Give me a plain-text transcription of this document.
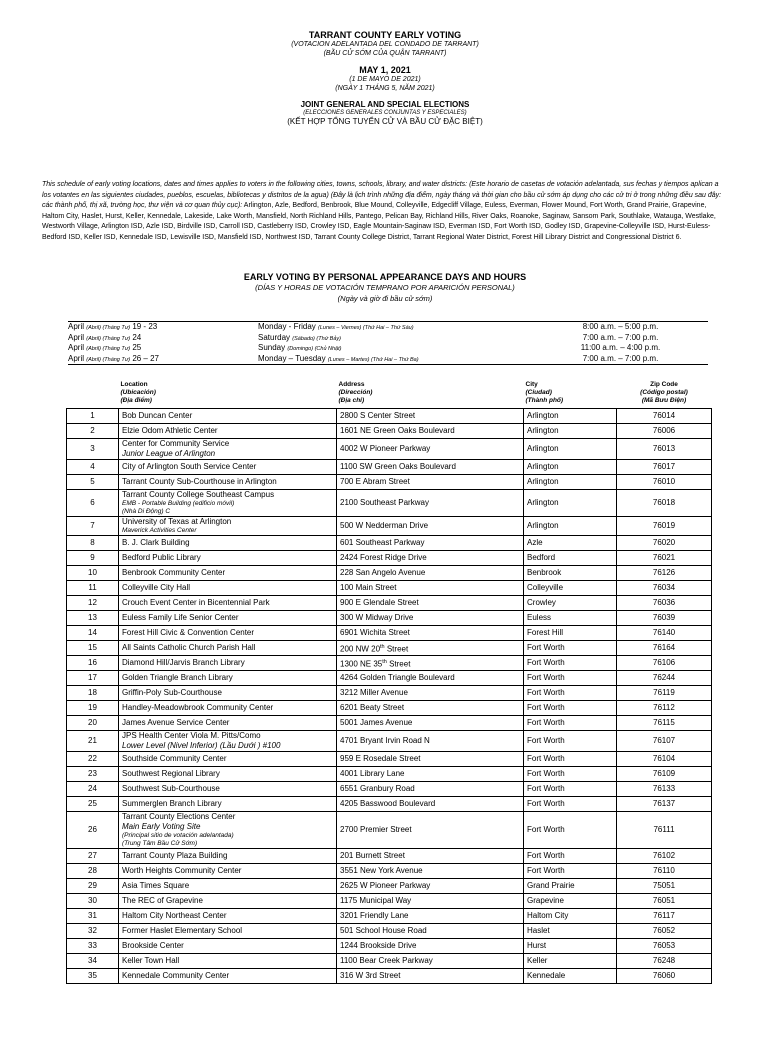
TARRANT COUNTY EARLY VOTING
(VOTACION ADELANTADA DEL CONDADO DE TARRANT)
(BẦU CỬ SỚM CỦA QUẬN TARRANT)
MAY 1, 2021
(1 DE MAYO DE 2021)
(NGÀY 1 THÁNG 5, NĂM 2021)
JOINT GENERAL AND SPECIAL ELECTIONS
(ELECCIONES GENERALES CONJUNTAS Y ESPECIALES)
(KẾT HỢP TỔNG TUYỂN CỬ VÀ BẦU CỬ ĐẶC BIỆT)
This schedule of early voting locations, dates and times applies to voters in the following cities, towns, schools, library, and water districts: (Este horario de casetas de votación adelantada, sus fechas y tiempos aplican a los votantes en las siguientes ciudades, pueblos, escuelas, bibliotecas y distritos de la agua) (Đây là lịch trình những địa điểm, ngày tháng và thời gian cho bầu cử sớm áp dụng cho các cử tri ở trong những điều sau đây: các thành phố, thị xã, trường học, thư viện và cơ quan thủy cục): Arlington, Azle, Bedford, Benbrook, Blue Mound, Colleyville, Edgecliff Village, Euless, Everman, Flower Mound, Fort Worth, Grand Prairie, Grapevine, Haltom City, Haslet, Hurst, Keller, Kennedale, Lakeside, Lake Worth, Mansfield, North Richland Hills, Pantego, Pelican Bay, Richland Hills, River Oaks, Roanoke, Saginaw, Sansom Park, Southlake, Watauga, Westlake, Westworth Village, Arlington ISD, Azle ISD, Birdville ISD, Carroll ISD, Castleberry ISD, Crowley ISD, Eagle Mountain-Saginaw ISD, Everman ISD, Fort Worth ISD, Godley ISD, Grapevine-Colleyville ISD, Hurst-Euless-Bedford ISD, Keller ISD, Kennedale ISD, Lewisville ISD, Mansfield ISD, Northwest ISD, Tarrant County College District, Tarrant Regional Water District, Forest Hill Library District and Congressional District 6.
EARLY VOTING BY PERSONAL APPEARANCE DAYS AND HOURS
(DÍAS Y HORAS DE VOTACIÓN TEMPRANO POR APARICIÓN PERSONAL)
(Ngày và giờ đi bầu cử sớm)
April (Abril) (Tháng Tư) 19 - 23	Monday - Friday (Lunes – Viernes) (Thứ Hai – Thứ Sáu)	8:00 a.m. – 5:00 p.m.
April (Abril) (Tháng Tư) 24	Saturday (Sábado) (Thứ Bảy)	7:00 a.m. – 7:00 p.m.
April (Abril) (Tháng Tư) 25	Sunday (Domingo) (Chủ Nhật)	11:00 a.m. – 4:00 p.m.
April (Abril) (Tháng Tư) 26 – 27	Monday – Tuesday (Lunes – Martes) (Thứ Hai – Thứ Ba)	7:00 a.m. – 7:00 p.m.
	Location
(Ubicación)
(Địa điểm)	Address
(Dirección)
(Địa chỉ)	City
(Ciudad)
(Thành phố)	Zip Code
(Código postal)
(Mã Bưu Điện)
1	Bob Duncan Center	2800 S Center Street	Arlington	76014
2	Elzie Odom Athletic Center	1601 NE Green Oaks Boulevard	Arlington	76006
3	Center for Community Service
Junior League of Arlington	4002 W Pioneer Parkway	Arlington	76013
4	City of Arlington South Service Center	1100 SW Green Oaks Boulevard	Arlington	76017
5	Tarrant County Sub-Courthouse in Arlington	700 E Abram Street	Arlington	76010
6	Tarrant County College Southeast Campus
EMB - Portable Building (edificio móvil)
(Nhà Di Động) C	2100 Southeast Parkway	Arlington	76018
7	University of Texas at Arlington
Maverick Activities Center	500 W Nedderman Drive	Arlington	76019
8	B. J. Clark Building	601 Southeast Parkway	Azle	76020
9	Bedford Public Library	2424 Forest Ridge Drive	Bedford	76021
10	Benbrook Community Center	228 San Angelo Avenue	Benbrook	76126
11	Colleyville City Hall	100 Main Street	Colleyville	76034
12	Crouch Event Center in Bicentennial Park	900 E Glendale Street	Crowley	76036
13	Euless Family Life Senior Center	300 W Midway Drive	Euless	76039
14	Forest Hill Civic & Convention Center	6901 Wichita Street	Forest Hill	76140
15	All Saints Catholic Church Parish Hall	200 NW 20th Street	Fort Worth	76164
16	Diamond Hill/Jarvis Branch Library	1300 NE 35th Street	Fort Worth	76106
17	Golden Triangle Branch Library	4264 Golden Triangle Boulevard	Fort Worth	76244
18	Griffin-Poly Sub-Courthouse	3212 Miller Avenue	Fort Worth	76119
19	Handley-Meadowbrook Community Center	6201 Beaty Street	Fort Worth	76112
20	James Avenue Service Center	5001 James Avenue	Fort Worth	76115
21	JPS Health Center Viola M. Pitts/Como
Lower Level (Nivel Inferior) (Lầu Dưới ) #100	4701 Bryant Irvin Road N	Fort Worth	76107
22	Southside Community Center	959 E Rosedale Street	Fort Worth	76104
23	Southwest Regional Library	4001 Library Lane	Fort Worth	76109
24	Southwest Sub-Courthouse	6551 Granbury Road	Fort Worth	76133
25	Summerglen Branch Library	4205 Basswood Boulevard	Fort Worth	76137
26	Tarrant County Elections Center
Main Early Voting Site
(Principal sitio de votación adelantada)
(Trung Tâm Bầu Cử Sớm)	2700 Premier Street	Fort Worth	76111
27	Tarrant County Plaza Building	201 Burnett Street	Fort Worth	76102
28	Worth Heights Community Center	3551 New York Avenue	Fort Worth	76110
29	Asia Times Square	2625 W Pioneer Parkway	Grand Prairie	75051
30	The REC of Grapevine	1175 Municipal Way	Grapevine	76051
31	Haltom City Northeast Center	3201 Friendly Lane	Haltom City	76117
32	Former Haslet Elementary School	501 School House Road	Haslet	76052
33	Brookside Center	1244 Brookside Drive	Hurst	76053
34	Keller Town Hall	1100 Bear Creek Parkway	Keller	76248
35	Kennedale Community Center	316 W 3rd Street	Kennedale	76060
